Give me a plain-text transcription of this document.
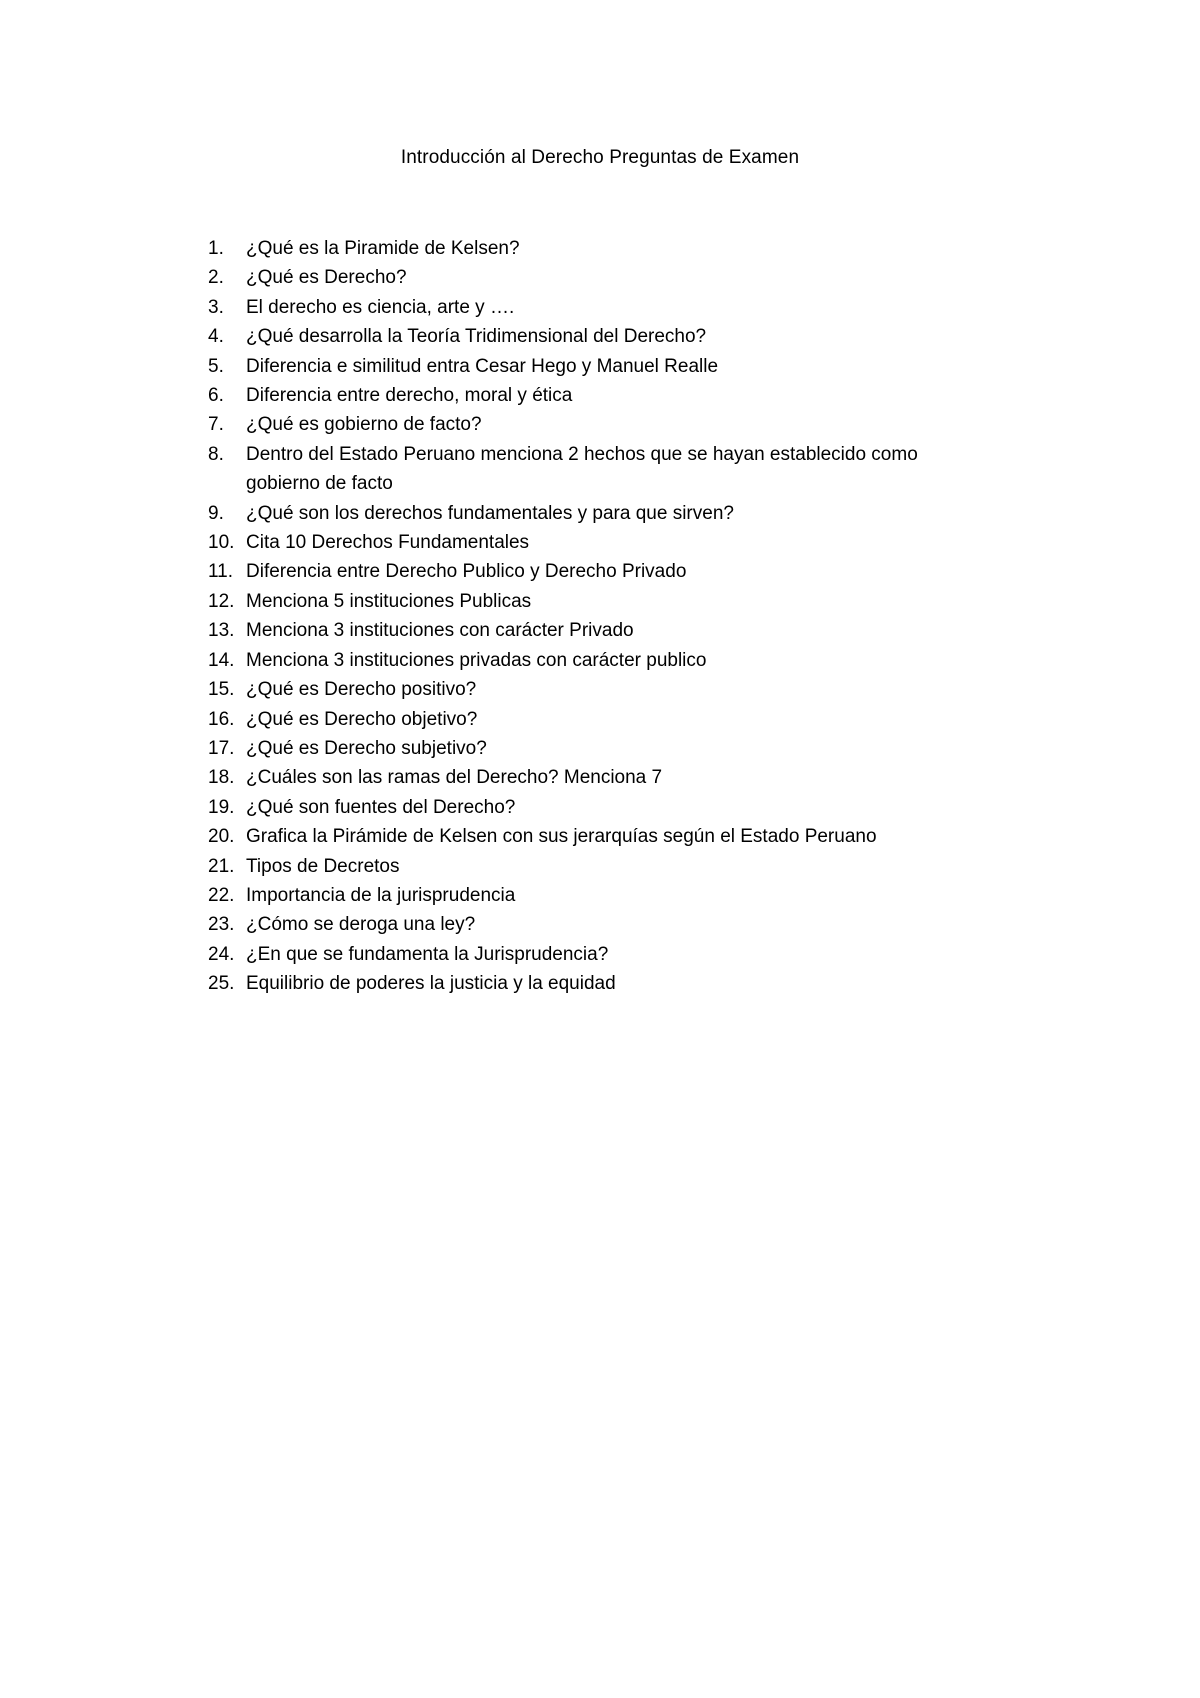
Introducción al Derecho Preguntas de Examen
1.	¿Qué es la Piramide de Kelsen?
2.	¿Qué es Derecho?
3.	El derecho es ciencia, arte y ….
4.	¿Qué desarrolla la Teoría Tridimensional del Derecho?
5.	Diferencia e similitud entra Cesar Hego y Manuel Realle
6.	Diferencia entre derecho, moral y ética
7.	¿Qué es gobierno de facto?
8.	Dentro del Estado Peruano menciona 2 hechos que se hayan establecido como gobierno de facto
9.	¿Qué son los derechos fundamentales y para que sirven?
10. Cita 10 Derechos Fundamentales
11. Diferencia entre Derecho Publico y Derecho Privado
12. Menciona 5 instituciones Publicas
13. Menciona 3 instituciones con carácter Privado
14. Menciona 3 instituciones privadas con carácter publico
15. ¿Qué es Derecho positivo?
16. ¿Qué es Derecho objetivo?
17. ¿Qué es Derecho subjetivo?
18. ¿Cuáles son las ramas del Derecho? Menciona 7
19. ¿Qué son fuentes del Derecho?
20. Grafica la Pirámide de Kelsen con sus jerarquías según el Estado Peruano
21. Tipos de Decretos
22. Importancia de la jurisprudencia
23. ¿Cómo se deroga una ley?
24. ¿En que se fundamenta la Jurisprudencia?
25. Equilibrio de poderes la justicia y la equidad
